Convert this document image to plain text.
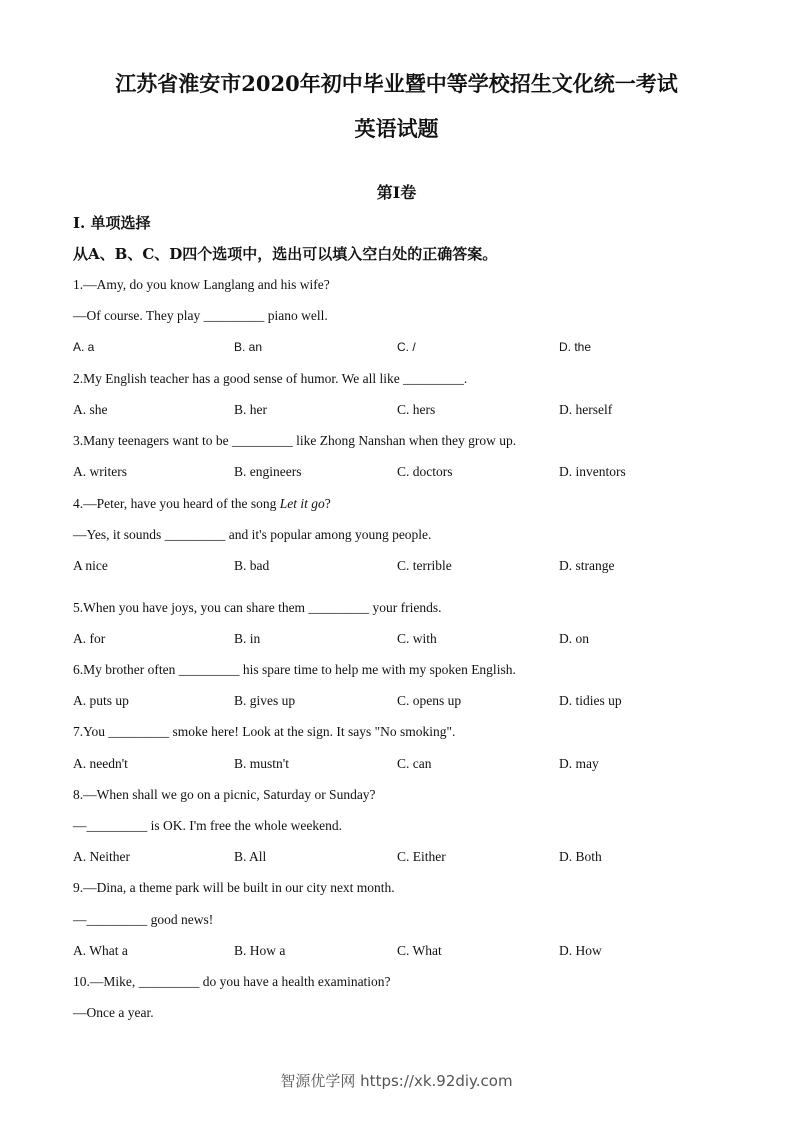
江苏省淮安市2020年初中毕业暨中等学校招生文化统一考试
英语试题
第I卷
I. 单项选择
从A、B、C、D四个选项中，选出可以填入空白处的正确答案。
1.—Amy, do you know Langlang and his wife?
—Of course. They play _________ piano well.
A. a	B. an	C. /	D. the
2.My English teacher has a good sense of humor. We all like _________.
A. she	B. her	C. hers	D. herself
3.Many teenagers want to be _________ like Zhong Nanshan when they grow up.
A. writers	B. engineers	C. doctors	D. inventors
4.—Peter, have you heard of the song Let it go?
—Yes, it sounds _________ and it's popular among young people.
A nice	B. bad	C. terrible	D. strange
5.When you have joys, you can share them _________ your friends.
A. for	B. in	C. with	D. on
6.My brother often _________ his spare time to help me with my spoken English.
A. puts up	B. gives up	C. opens up	D. tidies up
7.You _________ smoke here! Look at the sign. It says "No smoking".
A. needn't	B. mustn't	C. can	D. may
8.—When shall we go on a picnic, Saturday or Sunday?
—_________ is OK. I'm free the whole weekend.
A. Neither	B. All	C. Either	D. Both
9.—Dina, a theme park will be built in our city next month.
—_________ good news!
A. What a	B. How a	C. What	D. How
10.—Mike, _________ do you have a health examination?
—Once a year.
智源优学网 https://xk.92diy.com
